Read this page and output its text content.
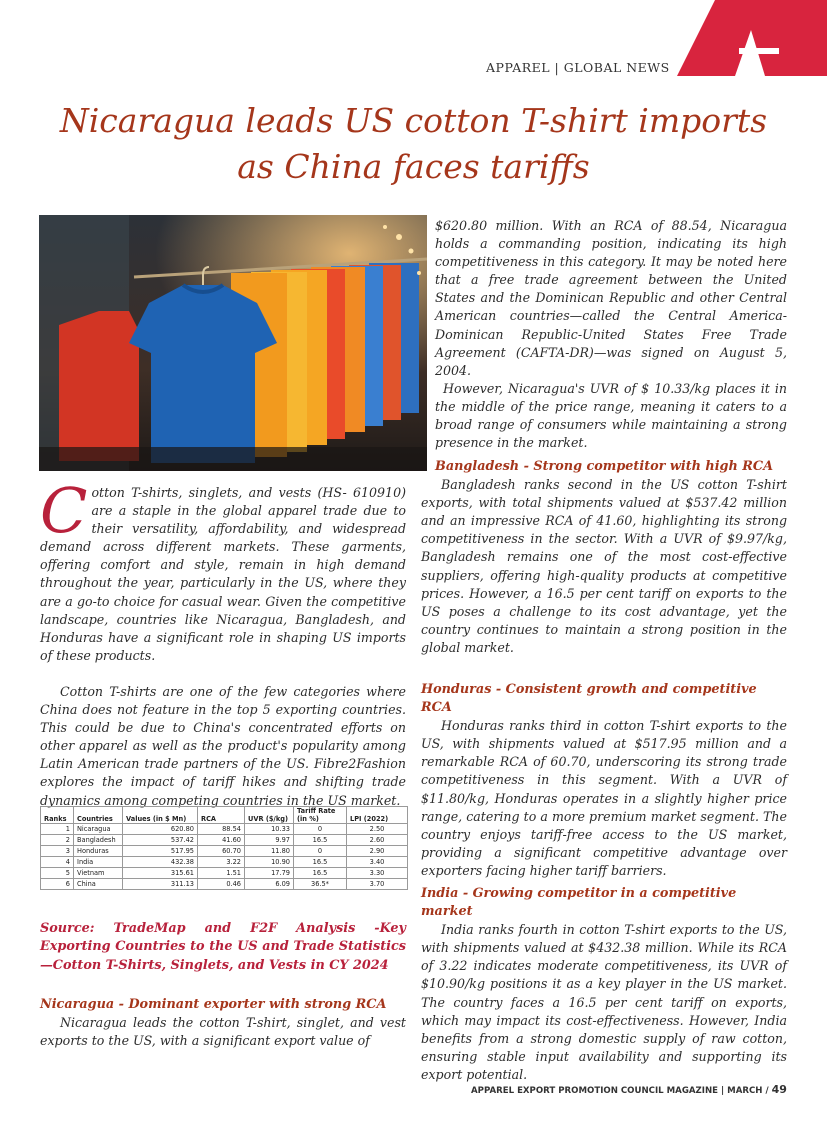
APPAREL | GLOBAL NEWS
Nicaragua leads US cotton T-shirt imports
as China faces tariffs

Cotton T-shirts, singlets, and vests (HS- 610910) are a staple in the global apparel trade due to their versatility, affordability, and widespread demand across different markets. These garments, offering comfort and style, remain in high demand throughout the year, particularly in the US, where they are a go-to choice for casual wear. Given the competitive landscape, countries like Nicaragua, Bangladesh, and Honduras have a significant role in shaping US imports of these products.

Cotton T-shirts are one of the few categories where China does not feature in the top 5 exporting countries. This could be due to China's concentrated efforts on other apparel as well as the product's popularity among Latin American trade partners of the US. Fibre2Fashion explores the impact of tariff hikes and shifting trade dynamics among competing countries in the US market.

Ranks	Countries	Values (in $ Mn)	RCA	UVR ($/kg)	Tariff Rate (in %)	LPI (2022)
1	Nicaragua	620.80	88.54	10.33	0	2.50
2	Bangladesh	537.42	41.60	9.97	16.5	2.60
3	Honduras	517.95	60.70	11.80	0	2.90
4	India	432.38	3.22	10.90	16.5	3.40
5	Vietnam	315.61	1.51	17.79	16.5	3.30
6	China	311.13	0.46	6.09	36.5*	3.70
Source: TradeMap and F2F Analysis -Key Exporting Countries to the US and Trade Statistics—Cotton T-Shirts, Singlets, and Vests in CY 2024
Nicaragua - Dominant exporter with strong RCA

Nicaragua leads the cotton T-shirt, singlet, and vest exports to the US, with a significant export value of

$620.80 million. With an RCA of 88.54, Nicaragua holds a commanding position, indicating its high competitiveness in this category. It may be noted here that a free trade agreement between the United States and the Dominican Republic and other Central American countries—called the Central America-Dominican Republic-United States Free Trade Agreement (CAFTA-DR)—was signed on August 5, 2004.

However, Nicaragua's UVR of $ 10.33/kg places it in the middle of the price range, meaning it caters to a broad range of consumers while maintaining a strong presence in the market.

Bangladesh - Strong competitor with high RCA

Bangladesh ranks second in the US cotton T-shirt exports, with total shipments valued at $537.42 million and an impressive RCA of 41.60, highlighting its strong competitiveness in the sector. With a UVR of $9.97/kg, Bangladesh remains one of the most cost-effective suppliers, offering high-quality products at competitive prices. However, a 16.5 per cent tariff on exports to the US poses a challenge to its cost advantage, yet the country continues to maintain a strong position in the global market.

Honduras - Consistent growth and competitive RCA

Honduras ranks third in cotton T-shirt exports to the US, with shipments valued at $517.95 million and a remarkable RCA of 60.70, underscoring its strong trade competitiveness in this segment. With a UVR of $11.80/kg, Honduras operates in a slightly higher price range, catering to a more premium market segment. The country enjoys tariff-free access to the US market, providing a significant competitive advantage over exporters facing higher tariff barriers.

India - Growing competitor in a competitive market

India ranks fourth in cotton T-shirt exports to the US, with shipments valued at $432.38 million. While its RCA of 3.22 indicates moderate competitiveness, its UVR of $10.90/kg positions it as a key player in the US market. The country faces a 16.5 per cent tariff on exports, which may impact its cost-effectiveness. However, India benefits from a strong domestic supply of raw cotton, ensuring stable input availability and supporting its export potential.

APPAREL EXPORT PROMOTION COUNCIL MAGAZINE | MARCH / 49
